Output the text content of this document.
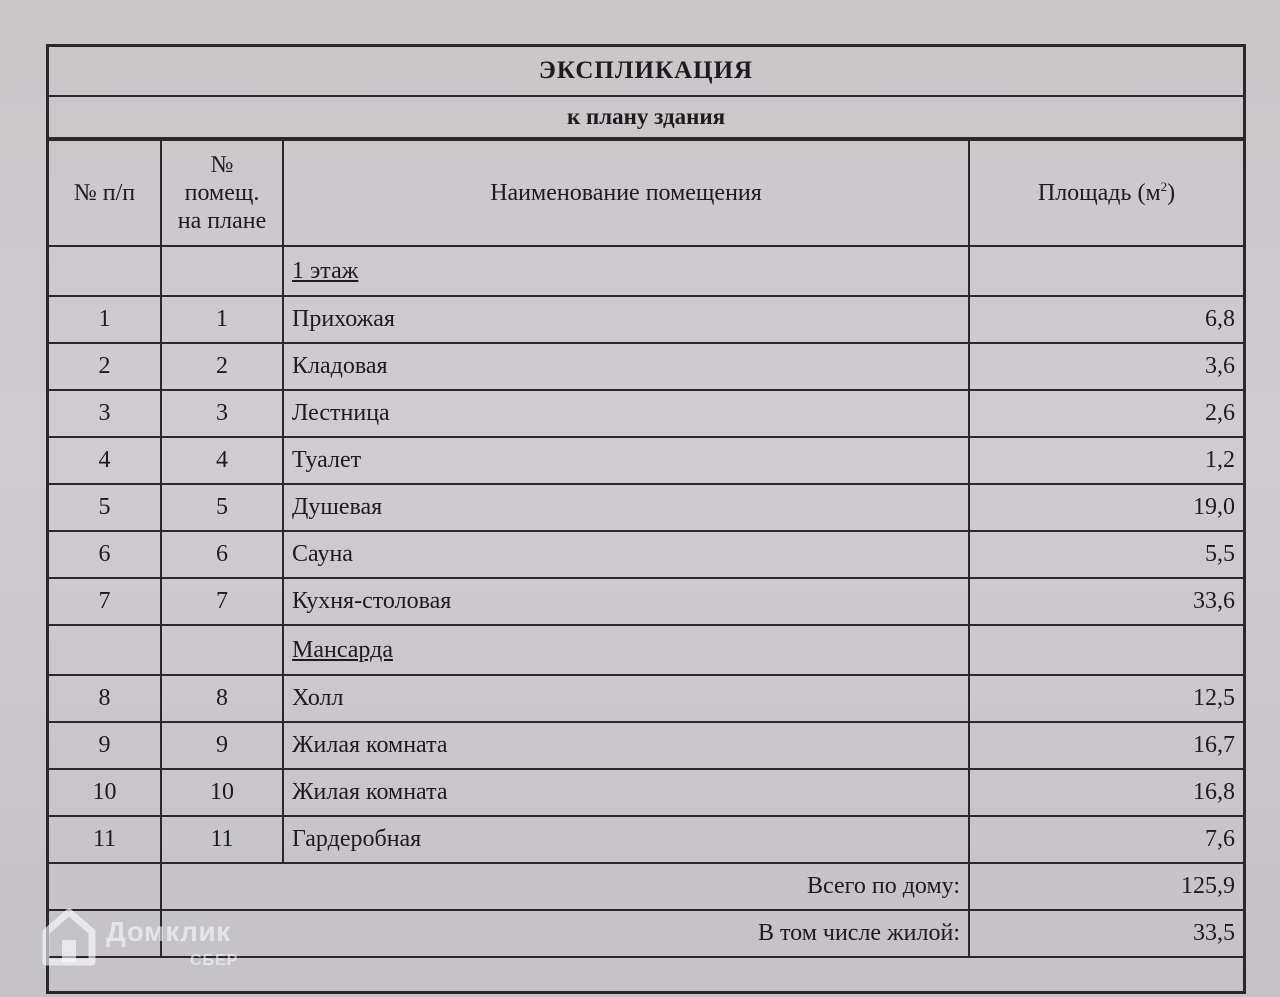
ЭКСПЛИКАЦИЯ
к плану здания
№ п/п	№
помещ.
на плане	Наименование помещения	Площадь $(м^2)$
		1 этаж	
1	1	Прихожая	6,8
2	2	Кладовая	3,6
3	3	Лестница	2,6
4	4	Туалет	1,2
5	5	Душевая	19,0
6	6	Сауна	5,5
7	7	Кухня-столовая	33,6
		Мансарда	
8	8	Холл	12,5
9	9	Жилая комната	16,7
10	10	Жилая комната	16,8
11	11	Гардеробная	7,6
	Всего по дому:		125,9
	В том числе жилой:		33,5
Домклик
СБЕР
